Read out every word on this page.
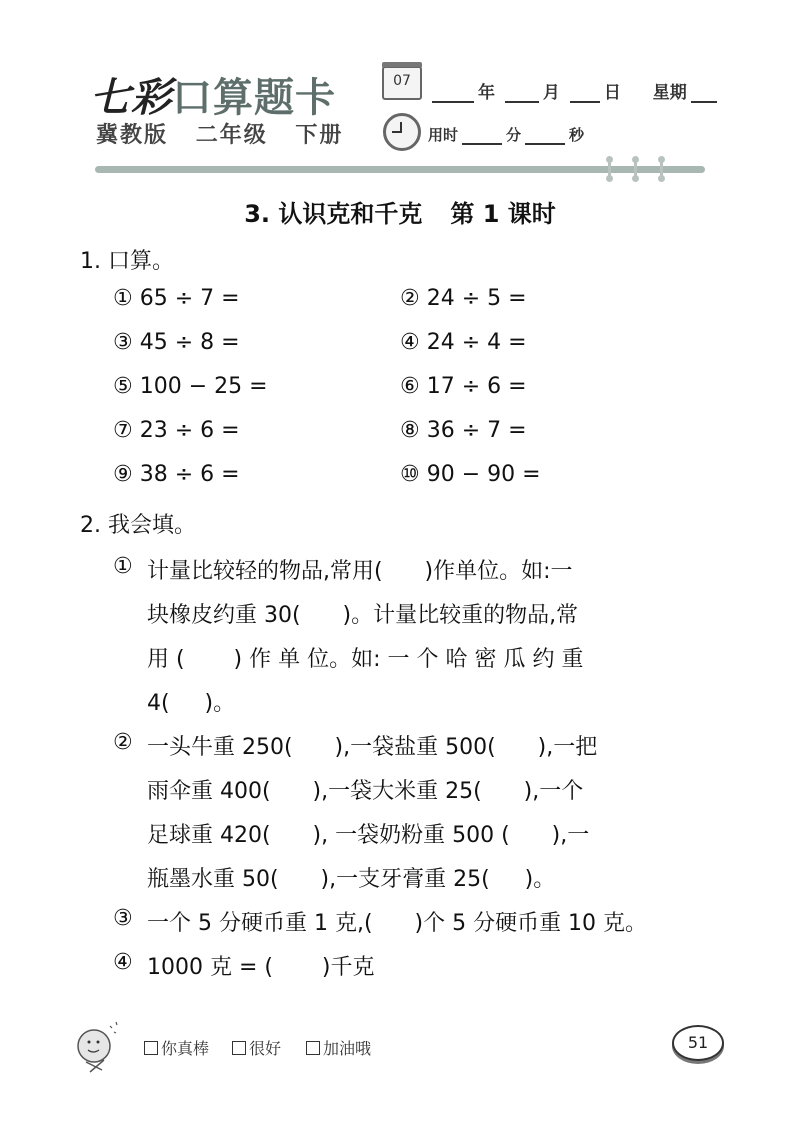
七彩口算题卡
冀教版 二年级 下册
07
年	月	日 星期
用时	分	秒
3. 认识克和千克 第 1 课时
1. 口算。
① 65 ÷ 7 =	② 24 ÷ 5 =
③ 45 ÷ 8 =	④ 24 ÷ 4 =
⑤ 100 − 25 =	⑥ 17 ÷ 6 =
⑦ 23 ÷ 6 =	⑧ 36 ÷ 7 =
⑨ 38 ÷ 6 =	⑩ 90 − 90 =
2. 我会填。
① 计量比较轻的物品,常用(      )作单位。如:一
块橡皮约重 30(      )。计量比较重的物品,常
用 (       ) 作 单 位。如: 一 个 哈 密 瓜 约 重
4(     )。
② 一头牛重 250(      ),一袋盐重 500(      ),一把
雨伞重 400(      ),一袋大米重 25(      ),一个
足球重 420(      ), 一袋奶粉重 500 (      ),一
瓶墨水重 50(      ),一支牙膏重 25(     )。
③ 一个 5 分硬币重 1 克,(      )个 5 分硬币重 10 克。
④ 1000 克 = (       )千克
你真棒	很好	加油哦	51
